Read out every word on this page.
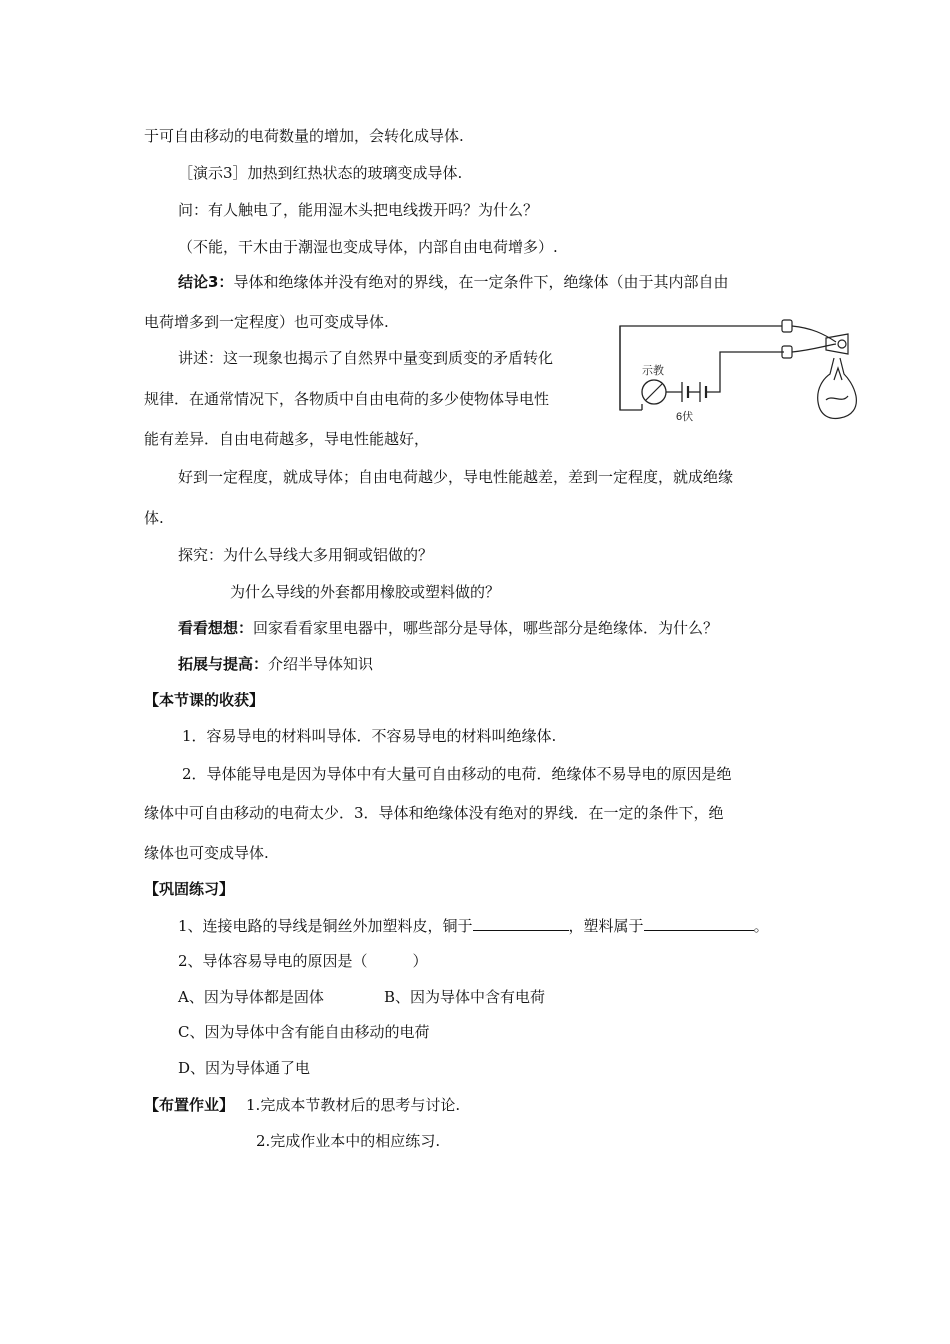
于可自由移动的电荷数量的增加，会转化成导体.
［演示3］加热到红热状态的玻璃变成导体.
问：有人触电了，能用湿木头把电线拨开吗？为什么？
（不能，干木由于潮湿也变成导体，内部自由电荷增多）.
结论3：导体和绝缘体并没有绝对的界线，在一定条件下，绝缘体（由于其内部自由
电荷增多到一定程度）也可变成导体.
讲述：这一现象也揭示了自然界中量变到质变的矛盾转化
规律．在通常情况下，各物质中自由电荷的多少使物体导电性
能有差异．自由电荷越多，导电性能越好，
示教
6伏
好到一定程度，就成导体；自由电荷越少，导电性能越差，差到一定程度，就成绝缘
体.
探究：为什么导线大多用铜或铝做的？
为什么导线的外套都用橡胶或塑料做的？
看看想想：回家看看家里电器中，哪些部分是导体，哪些部分是绝缘体．为什么？
拓展与提高：介绍半导体知识
【本节课的收获】
1．容易导电的材料叫导体．不容易导电的材料叫绝缘体.
2．导体能导电是因为导体中有大量可自由移动的电荷．绝缘体不易导电的原因是绝
缘体中可自由移动的电荷太少．3．导体和绝缘体没有绝对的界线．在一定的条件下，绝
缘体也可变成导体.
【巩固练习】
1、连接电路的导线是铜丝外加塑料皮，铜于	，塑料属于	。
2、导体容易导电的原因是（　　　）
A、因为导体都是固体	B、因为导体中含有电荷
C、因为导体中含有能自由移动的电荷
D、因为导体通了电
【布置作业】 1.完成本节教材后的思考与讨论.
2.完成作业本中的相应练习.
